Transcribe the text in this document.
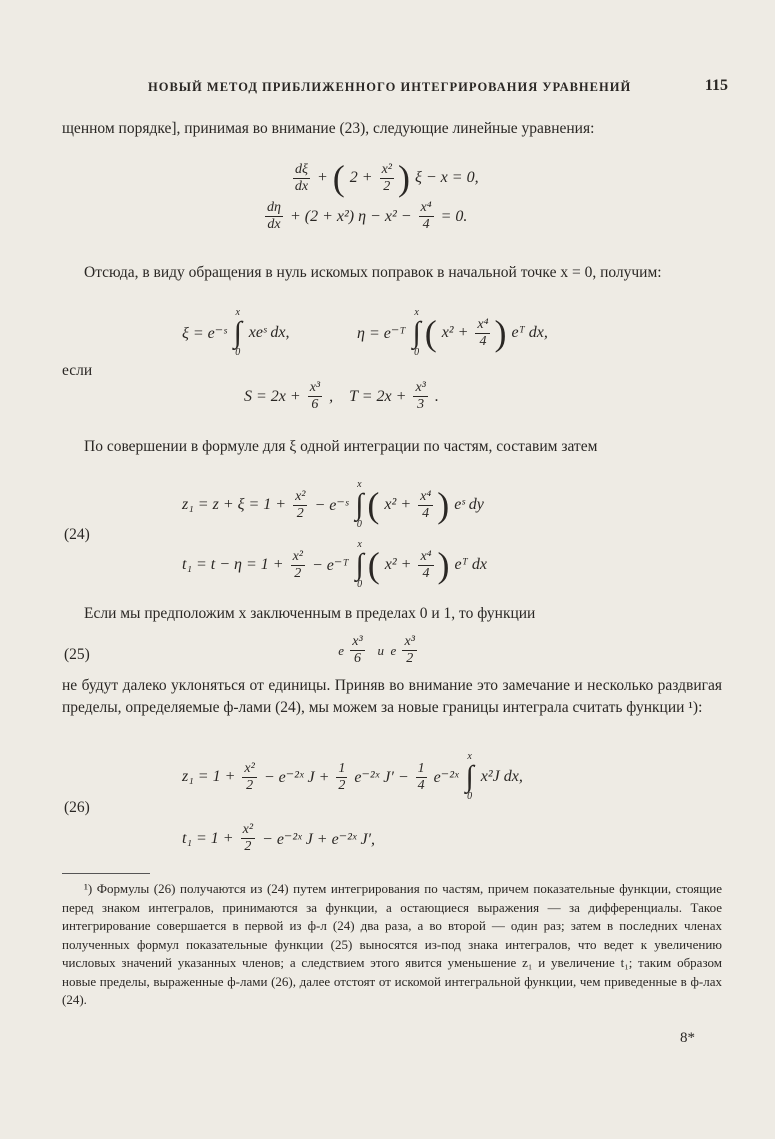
НОВЫЙ МЕТОД ПРИБЛИЖЕННОГО ИНТЕГРИРОВАНИЯ УРАВНЕНИЙ	115

щенном порядке], принимая во внимание (23), следующие линейные уравнения:

$\frac{d\xi}{dx}$ + ( $2 + \frac{\text{x²}}{2}$ ) ξ − x = 0,
$\frac{d\eta}{dx} + (2 + x^2) \eta - x^2 - \frac{\text{x⁴}}{4} = 0$.

Отсюда, в виду обращения в нуль искомых поправок в начальной точке x = 0, получим:

ξ = e⁻ˢ
x
∫
0
xeˢ dx,	η = e⁻ᵀ
x
∫
0 ( $x^2 + \frac{\text{x⁴}}{4}$ ) eᵀ dx,

если

$S = 2x + \frac{\text{x³}}{6}$ ,    $T = 2x + \frac{\text{x³}}{3}$ .

По совершении в формуле для ξ одной интеграции по частям, составим затем

$z_1 = z + \xi = 1 + \frac{\text{x²}}{2}$ − e⁻ˢ
x
∫
0 ( $x^2 + \frac{\text{x⁴}}{4}$ ) eˢ dy
(24)
$t_1 = t - \eta = 1 + \frac{\text{x²}}{2}$ − e⁻ᵀ
x
∫
0 ( $x^2 + \frac{\text{x⁴}}{4}$ ) eᵀ dx

Если мы предположим x заключенным в пределах 0 и 1, то функции

(25)	e $\frac{\text{x³}}{6}$ и  e $\frac{\text{x³}}{2}$

не будут далеко уклоняться от единицы. Приняв во внимание это замечание и несколько раздвигая пределы, определяемые ф-лами (24), мы можем за новые границы интеграла считать функции ¹):

$z_1 = 1 + \frac{\text{x²}}{2}$ − e⁻²ˣ $J + \frac{1}{2}$ e⁻²ˣ $J' - \frac{1}{4}$ e⁻²ˣ
x
∫
0
x²J dx,
(26)
$t_1 = 1 + \frac{\text{x²}}{2}$ − e⁻²ˣ J + e⁻²ˣ J′,

¹) Формулы (26) получаются из (24) путем интегрирования по частям, причем показательные функции, стоящие перед знаком интегралов, принимаются за функции, а остающиеся выражения — за дифференциалы. Такое интегрирование совершается в первой из ф-л (24) два раза, а во второй — один раз; затем в последних членах полученных формул показательные функции (25) выносятся из-под знака интегралов, что ведет к увеличению числовых значений указанных членов; а следствием этого явится уменьшение z₁ и увеличение t₁; таким образом новые пределы, выраженные ф-лами (26), далее отстоят от искомой интегральной функции, чем приведенные в ф-лах (24).

8*
